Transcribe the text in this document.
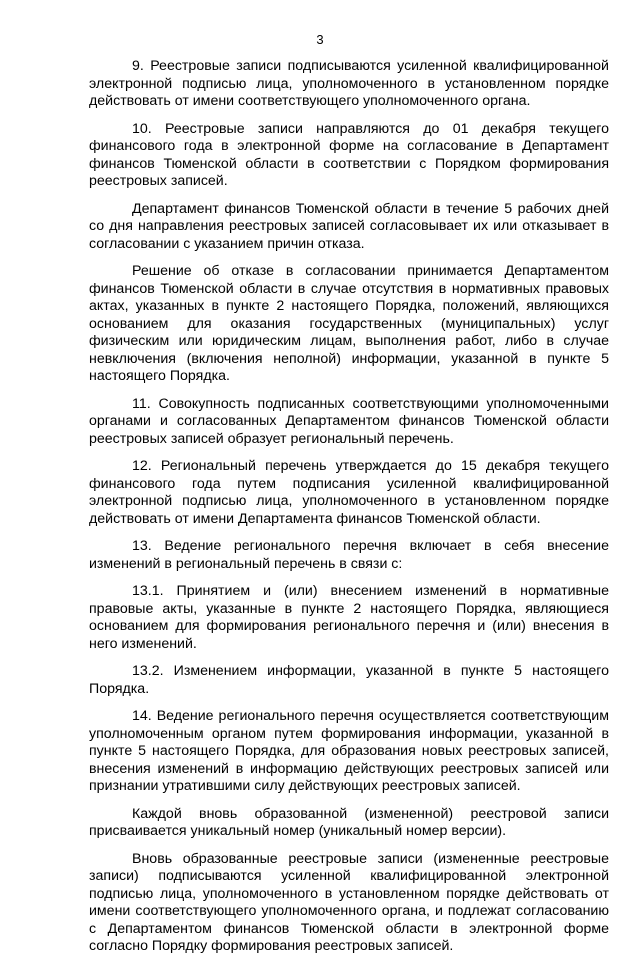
3

9. Реестровые записи подписываются усиленной квалифицированной электронной подписью лица, уполномоченного в установленном порядке действовать от имени соответствующего уполномоченного органа.

10. Реестровые записи направляются до 01 декабря текущего финансового года в электронной форме на согласование в Департамент финансов Тюменской области в соответствии с Порядком формирования реестровых записей.

Департамент финансов Тюменской области в течение 5 рабочих дней со дня направления реестровых записей согласовывает их или отказывает в согласовании с указанием причин отказа.

Решение об отказе в согласовании принимается Департаментом финансов Тюменской области в случае отсутствия в нормативных правовых актах, указанных в пункте 2 настоящего Порядка, положений, являющихся основанием для оказания государственных (муниципальных) услуг физическим или юридическим лицам, выполнения работ, либо в случае невключения (включения неполной) информации, указанной в пункте 5 настоящего Порядка.

11. Совокупность подписанных соответствующими уполномоченными органами и согласованных Департаментом финансов Тюменской области реестровых записей образует региональный перечень.

12. Региональный перечень утверждается до 15 декабря текущего финансового года путем подписания усиленной квалифицированной электронной подписью лица, уполномоченного в установленном порядке действовать от имени Департамента финансов Тюменской области.

13. Ведение регионального перечня включает в себя внесение изменений в региональный перечень в связи с:

13.1. Принятием и (или) внесением изменений в нормативные правовые акты, указанные в пункте 2 настоящего Порядка, являющиеся основанием для формирования регионального перечня и (или) внесения в него изменений.

13.2. Изменением информации, указанной в пункте 5 настоящего Порядка.

14. Ведение регионального перечня осуществляется соответствующим уполномоченным органом путем формирования информации, указанной в пункте 5 настоящего Порядка, для образования новых реестровых записей, внесения изменений в информацию действующих реестровых записей или признании утратившими силу действующих реестровых записей.

Каждой вновь образованной (измененной) реестровой записи присваивается уникальный номер (уникальный номер версии).

Вновь образованные реестровые записи (измененные реестровые записи) подписываются усиленной квалифицированной электронной подписью лица, уполномоченного в установленном порядке действовать от имени соответствующего уполномоченного органа, и подлежат согласованию с Департаментом финансов Тюменской области в электронной форме согласно Порядку формирования реестровых записей.
